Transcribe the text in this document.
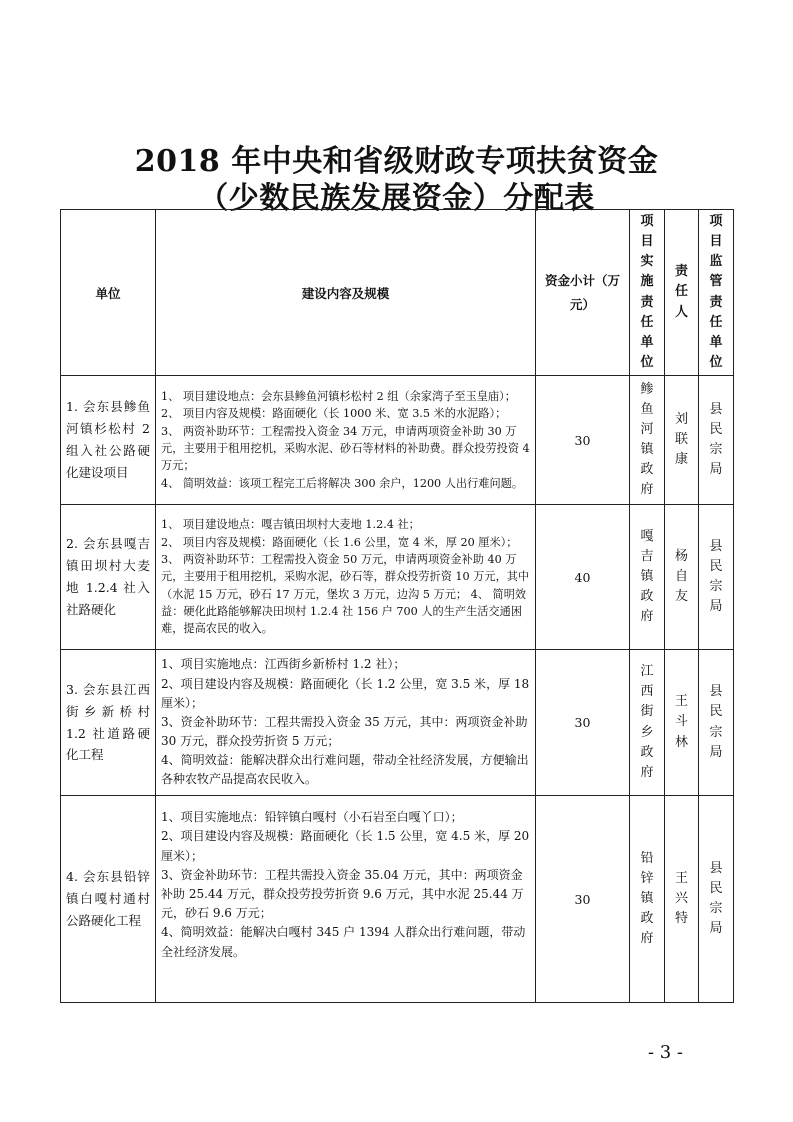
2018 年中央和省级财政专项扶贫资金
（少数民族发展资金）分配表
单位	建设内容及规模	资金小计（万元）	项目实施责任单位	责任人	项目监管责任单位

1. 会东县鲹鱼河镇杉松村 2 组入社公路硬化建设项目	1、 项目建设地点：会东县鲹鱼河镇杉松村 2 组（余家湾子至玉皇庙）；
2、 项目内容及规模：路面硬化（长 1000 米、宽 3.5 米的水泥路）；
3、 两资补助环节：工程需投入资金 34 万元，申请两项资金补助 30 万元，主要用于租用挖机，采购水泥、砂石等材料的补助费。群众投劳投资 4 万元；
4、 简明效益：该项工程完工后将解决 300 余户，1200 人出行难问题。	30	鲹鱼河镇政府	刘联康	县民宗局

2. 会东县嘎吉镇田坝村大麦地 1.2.4 社入社路硬化	1、 项目建设地点：嘎吉镇田坝村大麦地 1.2.4 社；
2、 项目内容及规模：路面硬化（长 1.6 公里，宽 4 米，厚 20 厘米）；
3、 两资补助环节：工程需投入资金 50 万元，申请两项资金补助 40 万元，主要用于租用挖机，采购水泥，砂石等，群众投劳折资 10 万元，其中（水泥 15 万元，砂石 17 万元，堡坎 3 万元，边沟 5 万元； 4、 简明效益：硬化此路能够解决田坝村 1.2.4 社 156 户 700 人的生产生活交通困难，提高农民的收入。	40	嘎吉镇政府	杨自友	县民宗局

3. 会东县江西街乡新桥村 1.2 社道路硬化工程	1、项目实施地点：江西街乡新桥村 1.2 社）；
2、项目建设内容及规模：路面硬化（长 1.2 公里，宽 3.5 米，厚 18 厘米）；
3、资金补助环节：工程共需投入资金 35 万元，其中：两项资金补助 30 万元，群众投劳折资 5 万元；
4、简明效益：能解决群众出行难问题，带动全社经济发展，方便输出各种农牧产品提高农民收入。	30	江西街乡政府	王斗林	县民宗局

4. 会东县铅锌镇白嘎村通村公路硬化工程	1、项目实施地点：铅锌镇白嘎村（小石岩至白嘎丫口）；
2、项目建设内容及规模：路面硬化（长 1.5 公里，宽 4.5 米，厚 20 厘米）；
3、资金补助环节：工程共需投入资金 35.04 万元，其中：两项资金补助 25.44 万元，群众投劳投劳折资 9.6 万元，其中水泥 25.44 万元，砂石 9.6 万元；
4、简明效益：能解决白嘎村 345 户 1394 人群众出行难问题，带动全社经济发展。	30	铅锌镇政府	王兴特	县民宗局
- 3 -
